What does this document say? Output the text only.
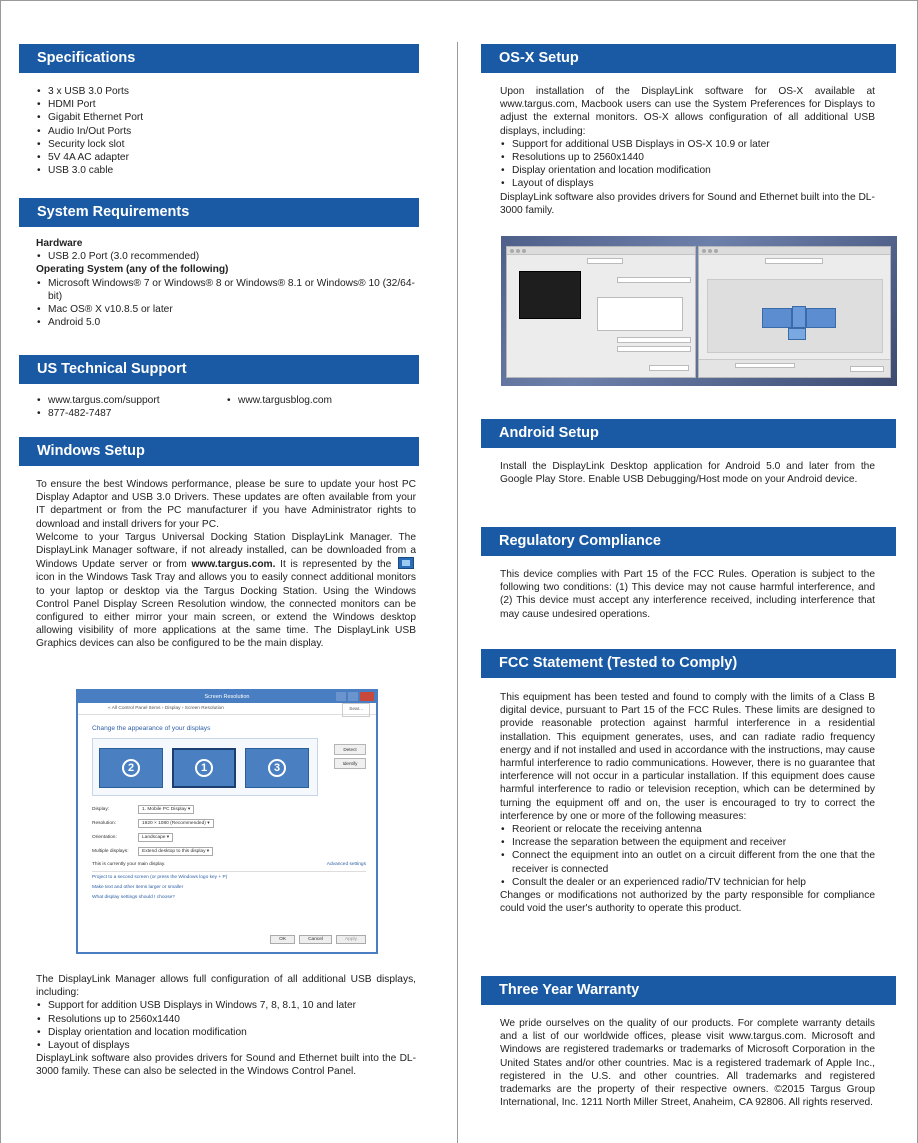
Specifications
• 3 x USB 3.0 Ports
• HDMI Port
• Gigabit Ethernet Port
• Audio In/Out Ports
• Security lock slot
• 5V 4A AC adapter
• USB 3.0 cable
System Requirements
Hardware
• USB 2.0 Port (3.0 recommended)
Operating System (any of the following)
• Microsoft Windows® 7 or Windows® 8 or Windows® 8.1 or Windows® 10 (32/64-bit)
• Mac OS® X v10.8.5 or later
• Android 5.0
US Technical Support
• www.targus.com/support
•	www.targusblog.com
• 877-482-7487
Windows Setup

To ensure the best Windows performance, please be sure to update your host PC Display Adaptor and USB 3.0 Drivers. These updates are often available from your IT department or from the PC manufacturer if you have Administrator rights to download and install drivers for your PC.

Welcome to your Targus Universal Docking Station DisplayLink Manager. The DisplayLink Manager software, if not already installed, can be downloaded from a Windows Update server or from www.targus.com. It is represented by the  icon in the Windows Task Tray and allows you to easily connect additional monitors to your laptop or desktop via the Targus Docking Station. Using the Windows Control Panel Display Screen Resolution window, the connected monitors can be configured to either mirror your main screen, or extend the Windows desktop allowing visibility of more applications at the same time. The DisplayLink USB Graphics devices can also be configured to be the main display.

Screen Resolution
« All Control Panel Items › Display › Screen Resolution	Sear...
Change the appearance of your displays
2	1	3
Detect
Identify
Display:	1. Mobile PC Display ▾
Resolution:	1920 × 1080 (Recommended) ▾
Orientation:	Landscape ▾
Multiple displays:	Extend desktop to this display ▾
This is currently your main display.	Advanced settings
Project to a second screen (or press the Windows logo key + P)
Make text and other items larger or smaller
What display settings should I choose?
OK	Cancel	Apply

The DisplayLink Manager allows full configuration of all additional USB displays, including:

• Support for addition USB Displays in Windows 7, 8, 8.1, 10 and later
• Resolutions up to 2560x1440
• Display orientation and location modification
• Layout of displays

DisplayLink software also provides drivers for Sound and Ethernet built into the DL-3000 family. These can also be selected in the Windows Control Panel.

OS-X Setup

Upon installation of the DisplayLink software for OS-X available at www.targus.com, Macbook users can use the System Preferences for Displays to adjust the external monitors. OS-X allows configuration of all additional USB displays, including:

• Support for additional USB Displays in OS-X 10.9 or later
• Resolutions up to 2560x1440
• Display orientation and location modification
• Layout of displays

DisplayLink software also provides drivers for Sound and Ethernet built into the DL-3000 family.

Android Setup
Install the DisplayLink Desktop application for Android 5.0 and later from the Google Play Store. Enable USB Debugging/Host mode on your Android device.
Regulatory Compliance
This device complies with Part 15 of the FCC Rules. Operation is subject to the following two conditions: (1) This device may not cause harmful interference, and (2) This device must accept any interference received, including interference that may cause undesired operations.
FCC Statement (Tested to Comply)

This equipment has been tested and found to comply with the limits of a Class B digital device, pursuant to Part 15 of the FCC Rules. These limits are designed to provide reasonable protection against harmful interference in a residential installation. This equipment generates, uses, and can radiate radio frequency energy and if not installed and used in accordance with the instructions, may cause harmful interference to radio communications. However, there is no guarantee that interference will not occur in a particular installation. If this equipment does cause harmful interference to radio or television reception, which can be determined by turning the equipment off and on, the user is encouraged to try to correct the interference by one or more of the following measures:

• Reorient or relocate the receiving antenna
• Increase the separation between the equipment and receiver
• Connect the equipment into an outlet on a circuit different from the one that the receiver is connected
• Consult the dealer or an experienced radio/TV technician for help

Changes or modifications not authorized by the party responsible for compliance could void the user's authority to operate this product.

Three Year Warranty
We pride ourselves on the quality of our products. For complete warranty details and a list of our worldwide offices, please visit www.targus.com. Microsoft and Windows are registered trademarks or trademarks of Microsoft Corporation in the United States and/or other countries. Mac is a registered trademark of Apple Inc., registered in the U.S. and other countries. All trademarks and registered trademarks are the property of their respective owners. ©2015 Targus Group International, Inc. 1211 North Miller Street, Anaheim, CA 92806. All rights reserved.
